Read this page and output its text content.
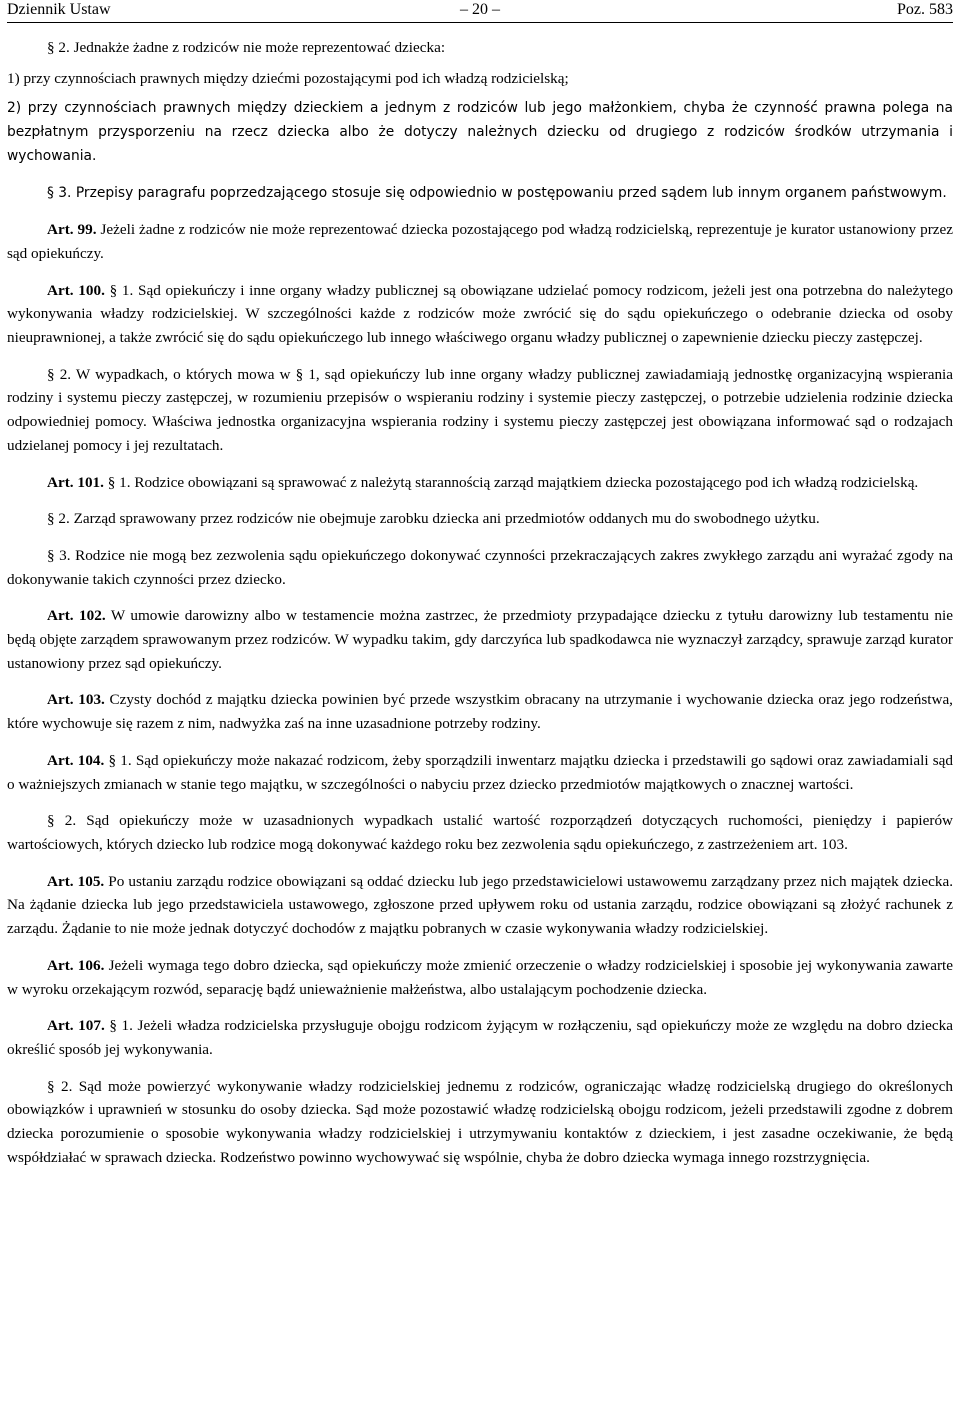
Dziennik Ustaw	– 20 –	Poz. 583

§ 2. Jednakże żadne z rodziców nie może reprezentować dziecka:

1) przy czynnościach prawnych między dziećmi pozostającymi pod ich władzą rodzicielską;

2) przy czynnościach prawnych między dzieckiem a jednym z rodziców lub jego małżonkiem, chyba że czynność prawna polega na bezpłatnym przysporzeniu na rzecz dziecka albo że dotyczy należnych dziecku od drugiego z rodziców środków utrzymania i wychowania.

§ 3. Przepisy paragrafu poprzedzającego stosuje się odpowiednio w postępowaniu przed sądem lub innym organem państwowym.

Art. 99. Jeżeli żadne z rodziców nie może reprezentować dziecka pozostającego pod władzą rodzicielską, reprezentuje je kurator ustanowiony przez sąd opiekuńczy.

Art. 100. § 1. Sąd opiekuńczy i inne organy władzy publicznej są obowiązane udzielać pomocy rodzicom, jeżeli jest ona potrzebna do należytego wykonywania władzy rodzicielskiej. W szczególności każde z rodziców może zwrócić się do sądu opiekuńczego o odebranie dziecka od osoby nieuprawnionej, a także zwrócić się do sądu opiekuńczego lub innego właściwego organu władzy publicznej o zapewnienie dziecku pieczy zastępczej.

§ 2. W wypadkach, o których mowa w § 1, sąd opiekuńczy lub inne organy władzy publicznej zawiadamiają jednostkę organizacyjną wspierania rodziny i systemu pieczy zastępczej, w rozumieniu przepisów o wspieraniu rodziny i systemie pieczy zastępczej, o potrzebie udzielenia rodzinie dziecka odpowiedniej pomocy. Właściwa jednostka organizacyjna wspierania rodziny i systemu pieczy zastępczej jest obowiązana informować sąd o rodzajach udzielanej pomocy i jej rezultatach.

Art. 101. § 1. Rodzice obowiązani są sprawować z należytą starannością zarząd majątkiem dziecka pozostającego pod ich władzą rodzicielską.

§ 2. Zarząd sprawowany przez rodziców nie obejmuje zarobku dziecka ani przedmiotów oddanych mu do swobodnego użytku.

§ 3. Rodzice nie mogą bez zezwolenia sądu opiekuńczego dokonywać czynności przekraczających zakres zwykłego zarządu ani wyrażać zgody na dokonywanie takich czynności przez dziecko.

Art. 102. W umowie darowizny albo w testamencie można zastrzec, że przedmioty przypadające dziecku z tytułu darowizny lub testamentu nie będą objęte zarządem sprawowanym przez rodziców. W wypadku takim, gdy darczyńca lub spadkodawca nie wyznaczył zarządcy, sprawuje zarząd kurator ustanowiony przez sąd opiekuńczy.

Art. 103. Czysty dochód z majątku dziecka powinien być przede wszystkim obracany na utrzymanie i wychowanie dziecka oraz jego rodzeństwa, które wychowuje się razem z nim, nadwyżka zaś na inne uzasadnione potrzeby rodziny.

Art. 104. § 1. Sąd opiekuńczy może nakazać rodzicom, żeby sporządzili inwentarz majątku dziecka i przedstawili go sądowi oraz zawiadamiali sąd o ważniejszych zmianach w stanie tego majątku, w szczególności o nabyciu przez dziecko przedmiotów majątkowych o znacznej wartości.

§ 2. Sąd opiekuńczy może w uzasadnionych wypadkach ustalić wartość rozporządzeń dotyczących ruchomości, pieniędzy i papierów wartościowych, których dziecko lub rodzice mogą dokonywać każdego roku bez zezwolenia sądu opiekuńczego, z zastrzeżeniem art. 103.

Art. 105. Po ustaniu zarządu rodzice obowiązani są oddać dziecku lub jego przedstawicielowi ustawowemu zarządzany przez nich majątek dziecka. Na żądanie dziecka lub jego przedstawiciela ustawowego, zgłoszone przed upływem roku od ustania zarządu, rodzice obowiązani są złożyć rachunek z zarządu. Żądanie to nie może jednak dotyczyć dochodów z majątku pobranych w czasie wykonywania władzy rodzicielskiej.

Art. 106. Jeżeli wymaga tego dobro dziecka, sąd opiekuńczy może zmienić orzeczenie o władzy rodzicielskiej i sposobie jej wykonywania zawarte w wyroku orzekającym rozwód, separację bądź unieważnienie małżeństwa, albo ustalającym pochodzenie dziecka.

Art. 107. § 1. Jeżeli władza rodzicielska przysługuje obojgu rodzicom żyjącym w rozłączeniu, sąd opiekuńczy może ze względu na dobro dziecka określić sposób jej wykonywania.

§ 2. Sąd może powierzyć wykonywanie władzy rodzicielskiej jednemu z rodziców, ograniczając władzę rodzicielską drugiego do określonych obowiązków i uprawnień w stosunku do osoby dziecka. Sąd może pozostawić władzę rodzicielską obojgu rodzicom, jeżeli przedstawili zgodne z dobrem dziecka porozumienie o sposobie wykonywania władzy rodzicielskiej i utrzymywaniu kontaktów z dzieckiem, i jest zasadne oczekiwanie, że będą współdziałać w sprawach dziecka. Rodzeństwo powinno wychowywać się wspólnie, chyba że dobro dziecka wymaga innego rozstrzygnięcia.
